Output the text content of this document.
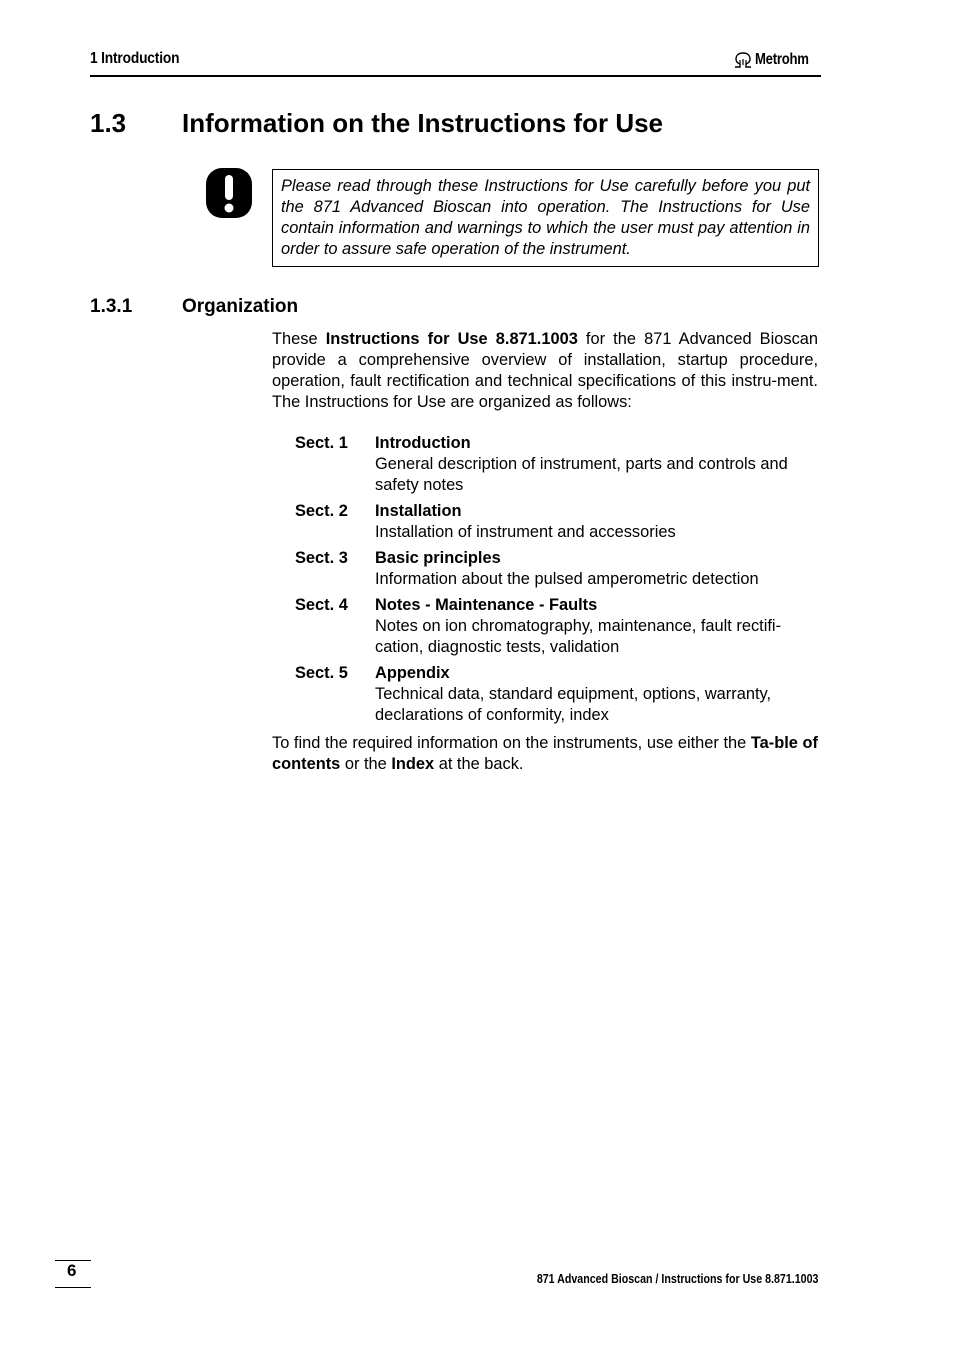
1 Introduction	Metrohm
1.3 Information on the Instructions for Use
Please read through these Instructions for Use carefully before you put the 871 Advanced Bioscan into operation. The Instructions for Use contain information and warnings to which the user must pay attention in order to assure safe operation of the instrument.
1.3.1	Organization
These Instructions for Use 8.871.1003 for the 871 Advanced Bioscan provide a comprehensive overview of installation, startup procedure, operation, fault rectification and technical specifications of this instru-ment. The Instructions for Use are organized as follows:
Sect. 1	Introduction
General description of instrument, parts and controls and safety notes
Sect. 2	Installation
Installation of instrument and accessories
Sect. 3	Basic principles
Information about the pulsed amperometric detection
Sect. 4	Notes - Maintenance - Faults
Notes on ion chromatography, maintenance, fault rectifi-cation, diagnostic tests, validation
Sect. 5	Appendix
Technical data, standard equipment, options, warranty, declarations of conformity, index
To find the required information on the instruments, use either the Ta-ble of contents or the Index at the back.
6	871 Advanced Bioscan / Instructions for Use 8.871.1003
